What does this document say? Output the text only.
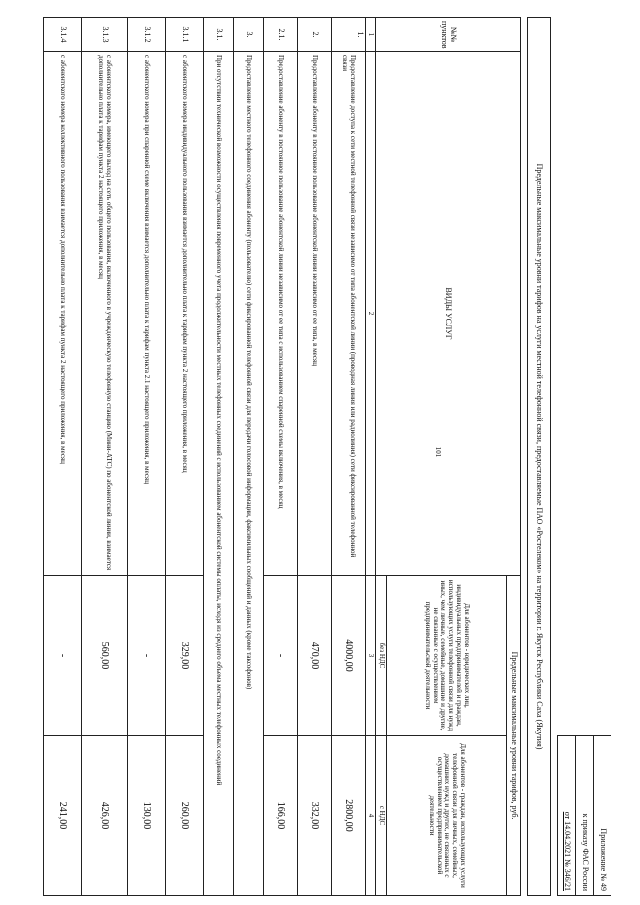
101
			Приложение № 49
			к приказу ФАС России
			от 14.04.2021 № 346/21

Предельные максимальные уровни тарифов на услуги местной телефонной связи, предоставляемые ПАО «Ростелеком» на территории г. Якутск Республики Саха (Якутия)			

№№ пунктов	ВИДЫ УСЛУГ	Предельные максимальные уровни тарифов, руб.	
		Для абонентов - юридических лиц, индивидуальных предпринимателей и граждан, использующих услуги телефонной связи для нужд иных, чем личные, семейные, домашние и другие, не связанные с осуществлением предпринимательской деятельности	Для абонентов - граждан, использующих услуги телефонной связи для личных, семейных, домашних нужд и других, не связанных с осуществлением предпринимательской деятельности
		без НДС	с НДС
1	2	3	4
1.	Предоставление доступа к сети местной телефонной связи независимо от типа абонентской линии (проводная линия или радиолиния) сети фиксированной телефонной связи	4000,00	2800,00
2.	Предоставление абоненту в постоянное пользование абонентской линии независимо от ее типа, в месяц	470,00	332,00
2.1.	Предоставление абоненту в постоянное пользование абонентской линии независимо от ее типа с использованием спаренной схемы включения, в месяц	-	166,00
3.	Предоставление местного телефонного соединения абоненту (пользователю) сети фиксированной телефонной связи для передачи голосовой информации, факсимильных сообщений и данных (кроме таксофонов)		
3.1.	При отсутствии технической возможности осуществления повременного учета продолжительности местных телефонных соединений с использованием абонентской системы оплаты, исходя из среднего объема местных телефонных соединений		
3.1.1	с абонентского номера индивидуального пользования взимается дополнительно плата к тарифам пункта 2 настоящего приложения, в месяц	329,00	260,00
3.1.2	с абонентского номера при спаренной схеме включения взимается дополнительно плата к тарифам пункта 2.1 настоящего приложения, в месяц	-	130,00
3.1.3	с абонентского номера, имеющего выход на сеть общего пользования, включенного в учрежденческую телефонную станцию (Мини-АТС) по абонентской линии, взимается дополнительно плата к тарифам пункта 2 настоящего приложения, в месяц	560,00	426,00
3.1.4	с абонентского номера коллективного пользования взимается дополнительно плата к тарифам пункта 2 настоящего приложения, в месяц	-	241,00
